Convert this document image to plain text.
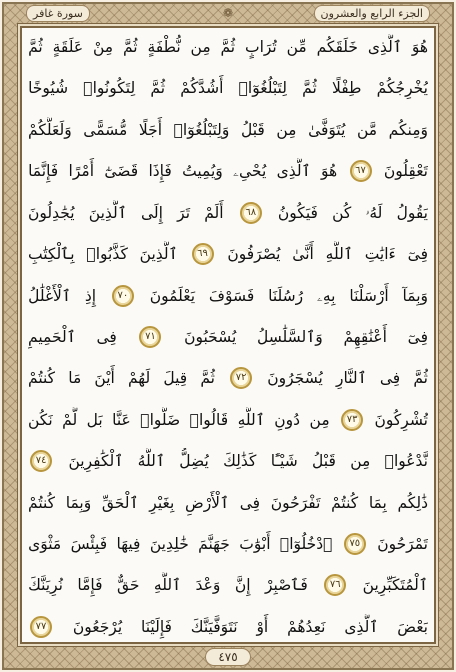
الجزء الرابع والعشرون
❁
سورة غافر
هُوَ
ٱلَّذِى
خَلَقَكُم
مِّن
تُرَابٍ
ثُمَّ
مِن
نُّطْفَةٍ
ثُمَّ
مِنْ
عَلَقَةٍ
ثُمَّ
يُخْرِجُكُمْ
طِفْلًا
ثُمَّ
لِتَبْلُغُوٓا۟
أَشُدَّكُمْ
ثُمَّ
لِتَكُونُوا۟
شُيُوخًا
وَمِنكُم
مَّن
يُتَوَفَّىٰ
مِن
قَبْلُ
وَلِتَبْلُغُوٓا۟
أَجَلًا
مُّسَمًّى
وَلَعَلَّكُمْ
تَعْقِلُونَ
٦٧
هُوَ
ٱلَّذِى
يُحْىِۦ
وَيُمِيتُ
فَإِذَا
قَضَىٰٓ
أَمْرًا
فَإِنَّمَا
يَقُولُ
لَهُۥ
كُن
فَيَكُونُ
٦٨
أَلَمْ
تَرَ
إِلَى
ٱلَّذِينَ
يُجَٰدِلُونَ
فِىٓ
ءَايَٰتِ
ٱللَّهِ
أَنَّىٰ
يُصْرَفُونَ
٦٩
ٱلَّذِينَ
كَذَّبُوا۟
بِٱلْكِتَٰبِ
وَبِمَآ
أَرْسَلْنَا
بِهِۦ
رُسُلَنَا
فَسَوْفَ
يَعْلَمُونَ
٧٠
إِذِ
ٱلْأَغْلَٰلُ
فِىٓ
أَعْنَٰقِهِمْ
وَٱلسَّلَٰسِلُ
يُسْحَبُونَ
٧١
فِى
ٱلْحَمِيمِ
ثُمَّ
فِى
ٱلنَّارِ
يُسْجَرُونَ
٧٢
ثُمَّ
قِيلَ
لَهُمْ
أَيْنَ
مَا
كُنتُمْ
تُشْرِكُونَ
٧٣
مِن
دُونِ
ٱللَّهِ
قَالُوا۟
ضَلُّوا۟
عَنَّا
بَل
لَّمْ
نَكُن
نَّدْعُوا۟
مِن
قَبْلُ
شَيْـًٔا
كَذَٰلِكَ
يُضِلُّ
ٱللَّهُ
ٱلْكَٰفِرِينَ
٧٤
ذَٰلِكُم
بِمَا
كُنتُمْ
تَفْرَحُونَ
فِى
ٱلْأَرْضِ
بِغَيْرِ
ٱلْحَقِّ
وَبِمَا
كُنتُمْ
تَمْرَحُونَ
٧٥
ٱدْخُلُوٓا۟
أَبْوَٰبَ
جَهَنَّمَ
خَٰلِدِينَ
فِيهَا
فَبِئْسَ
مَثْوَى
ٱلْمُتَكَبِّرِينَ
٧٦
فَٱصْبِرْ
إِنَّ
وَعْدَ
ٱللَّهِ
حَقٌّ
فَإِمَّا
نُرِيَنَّكَ
بَعْضَ
ٱلَّذِى
نَعِدُهُمْ
أَوْ
نَتَوَفَّيَنَّكَ
فَإِلَيْنَا
يُرْجَعُونَ
٧٧
٤٧٥
